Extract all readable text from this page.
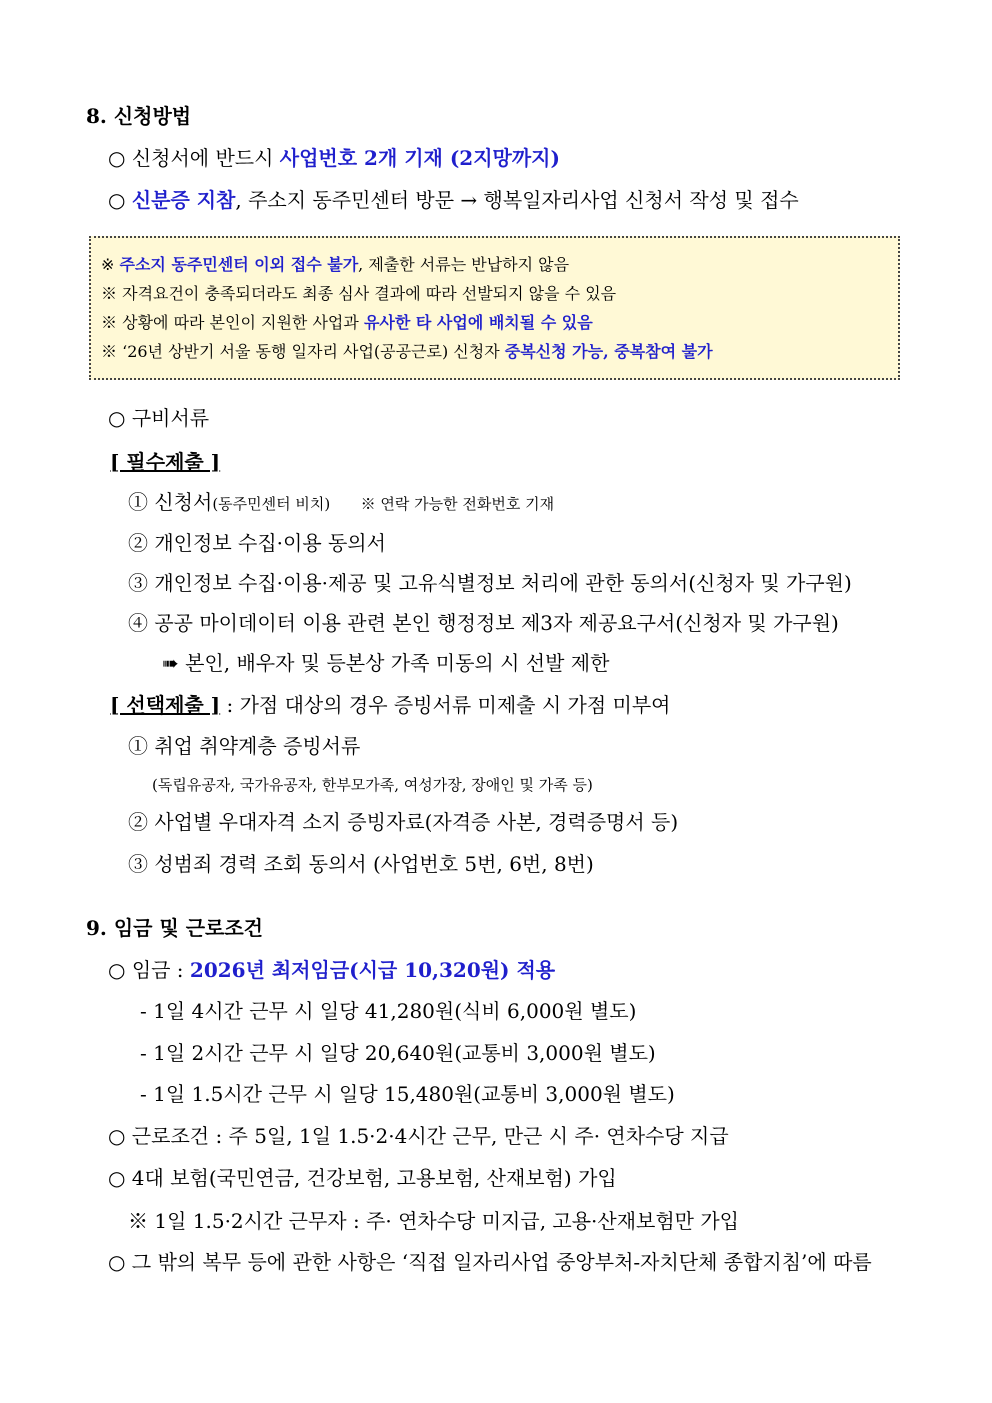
8. 신청방법
○ 신청서에 반드시 사업번호 2개 기재 (2지망까지)
○ 신분증 지참, 주소지 동주민센터 방문 → 행복일자리사업 신청서 작성 및 접수
※ 주소지 동주민센터 이외 접수 불가, 제출한 서류는 반납하지 않음
※ 자격요건이 충족되더라도 최종 심사 결과에 따라 선발되지 않을 수 있음
※ 상황에 따라 본인이 지원한 사업과 유사한 타 사업에 배치될 수 있음
※ ‘26년 상반기 서울 동행 일자리 사업(공공근로) 신청자 중복신청 가능, 중복참여 불가
○ 구비서류
[ 필수제출 ]
① 신청서(동주민센터 비치) ※ 연락 가능한 전화번호 기재
② 개인정보 수집·이용 동의서
③ 개인정보 수집·이용·제공 및 고유식별정보 처리에 관한 동의서(신청자 및 가구원)
④ 공공 마이데이터 이용 관련 본인 행정정보 제3자 제공요구서(신청자 및 가구원)
➠ 본인, 배우자 및 등본상 가족 미동의 시 선발 제한
[ 선택제출 ] : 가점 대상의 경우 증빙서류 미제출 시 가점 미부여
① 취업 취약계층 증빙서류
(독립유공자, 국가유공자, 한부모가족, 여성가장, 장애인 및 가족 등)
② 사업별 우대자격 소지 증빙자료(자격증 사본, 경력증명서 등)
③ 성범죄 경력 조회 동의서 (사업번호 5번, 6번, 8번)
9. 임금 및 근로조건
○ 임금 : 2026년 최저임금(시급 10,320원) 적용
- 1일 4시간 근무 시 일당 41,280원(식비 6,000원 별도)
- 1일 2시간 근무 시 일당 20,640원(교통비 3,000원 별도)
- 1일 1.5시간 근무 시 일당 15,480원(교통비 3,000원 별도)
○ 근로조건 : 주 5일, 1일 1.5·2·4시간 근무, 만근 시 주· 연차수당 지급
○ 4대 보험(국민연금, 건강보험, 고용보험, 산재보험) 가입
※ 1일 1.5·2시간 근무자 : 주· 연차수당 미지급, 고용·산재보험만 가입
○ 그 밖의 복무 등에 관한 사항은 ‘직접 일자리사업 중앙부처-자치단체 종합지침’에 따름
